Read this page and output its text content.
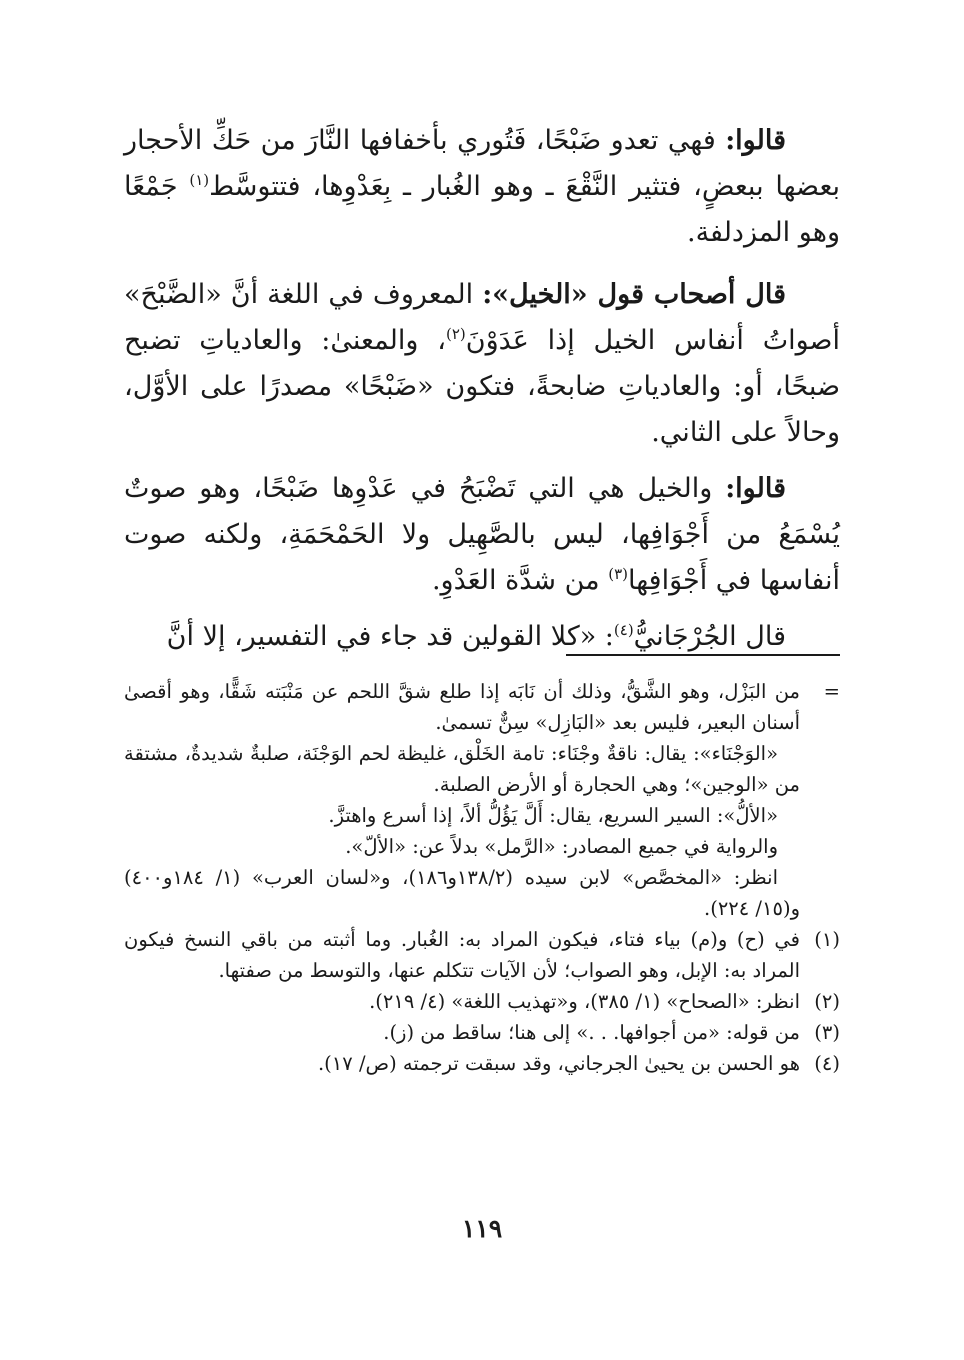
قالوا: فهي تعدو ضَبْحًا، فَتُوري بأخفافها النَّارَ من حَكِّ الأحجار بعضها ببعضٍ، فتثير النَّقْعَ ـ وهو الغُبار ـ بِعَدْوِها، فتتوسَّط$^{(١)}$ جَمْعًا وهو المزدلفة.

قال أصحاب قول «الخيل»: المعروف في اللغة أنَّ «الضَّبْحَ» أصواتُ أنفاس الخيل إذا عَدَوْنَ$^{(٢)}$، والمعنىٰ: والعادياتِ تضبح ضبحًا، أو: والعادياتِ ضابحةً، فتكون «ضَبْحًا» مصدرًا على الأوَّل، وحالاً على الثاني.

قالوا: والخيل هي التي تَضْبَحُ في عَدْوِها ضَبْحًا، وهو صوتٌ يُسْمَعُ من أَجْوَافِها، ليس بالصَّهِيل ولا الحَمْحَمَةِ، ولكنه صوت أنفاسها في أَجْوَافِها$^{(٣)}$ من شدَّة العَدْوِ.

قال الجُرْجَانيُّ$^{(٤)}$: «كلا القولين قد جاء في التفسير، إلا أنَّ

=

من البَزْل، وهو الشَّقُّ، وذلك أن نَابَه إذا طلع شقَّ اللحم عن مَنْبَته شَقًّا، وهو أقصىٰ أسنان البعير، فليس بعد «البَازِل» سِنٌّ تسمىٰ.

«الوَجْنَاء»: يقال: ناقةٌ وجْنَاء: تامة الخَلْق، غليظة لحم الوَجْنَة، صلبةٌ شديدةٌ، مشتقة من «الوجين»؛ وهي الحجارة أو الأرض الصلبة.

«الألُّ»: السير السريع، يقال: أَلَّ يَؤُلُّ ألاً، إذا أسرع واهتزَّ.

والرواية في جميع المصادر: «الرَّمل» بدلاً عن: «الألّ».

انظر: «المخصَّص» لابن سيده (١٣٨/٢و١٨٦)، و«لسان العرب» (١/ ١٨٤و٤٠٠) و(١٥/ ٢٢٤).

(١)

في (ح) و(م) بياء فتاء، فيكون المراد به: الغُبار. وما أثبته من باقي النسخ فيكون المراد به: الإبل، وهو الصواب؛ لأن الآيات تتكلم عنها، والتوسط من صفتها.

(٢)

انظر: «الصحاح» (١/ ٣٨٥)، و«تهذيب اللغة» (٤/ ٢١٩).

(٣)

من قوله: «من أجوافها. . .» إلى هنا؛ ساقط من (ز).

(٤)

هو الحسن بن يحيىٰ الجرجاني، وقد سبقت ترجمته (ص/ ١٧).

١١٩
